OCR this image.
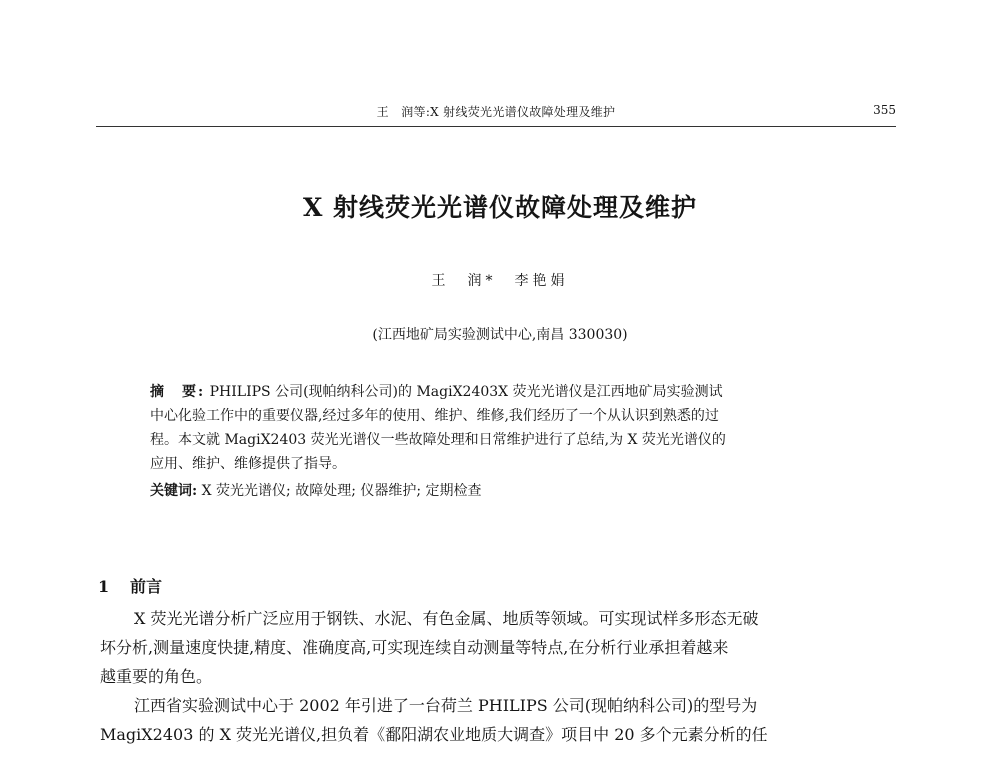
王　润等:X 射线荧光光谱仪故障处理及维护	355
X 射线荧光光谱仪故障处理及维护
王　润*　李艳娟
(江西地矿局实验测试中心,南昌 330030)
摘　要: PHILIPS 公司(现帕纳科公司)的 MagiX2403X 荧光光谱仪是江西地矿局实验测试
中心化验工作中的重要仪器,经过多年的使用、维护、维修,我们经历了一个从认识到熟悉的过
程。本文就 MagiX2403 荧光光谱仪一些故障处理和日常维护进行了总结,为 X 荧光光谱仪的
应用、维护、维修提供了指导。
关键词: X 荧光光谱仪; 故障处理; 仪器维护; 定期检查
1 前言
X 荧光光谱分析广泛应用于钢铁、水泥、有色金属、地质等领域。可实现试样多形态无破
坏分析,测量速度快捷,精度、准确度高,可实现连续自动测量等特点,在分析行业承担着越来
越重要的角色。
江西省实验测试中心于 2002 年引进了一台荷兰 PHILIPS 公司(现帕纳科公司)的型号为
MagiX2403 的 X 荧光光谱仪,担负着《鄱阳湖农业地质大调查》项目中 20 多个元素分析的任
